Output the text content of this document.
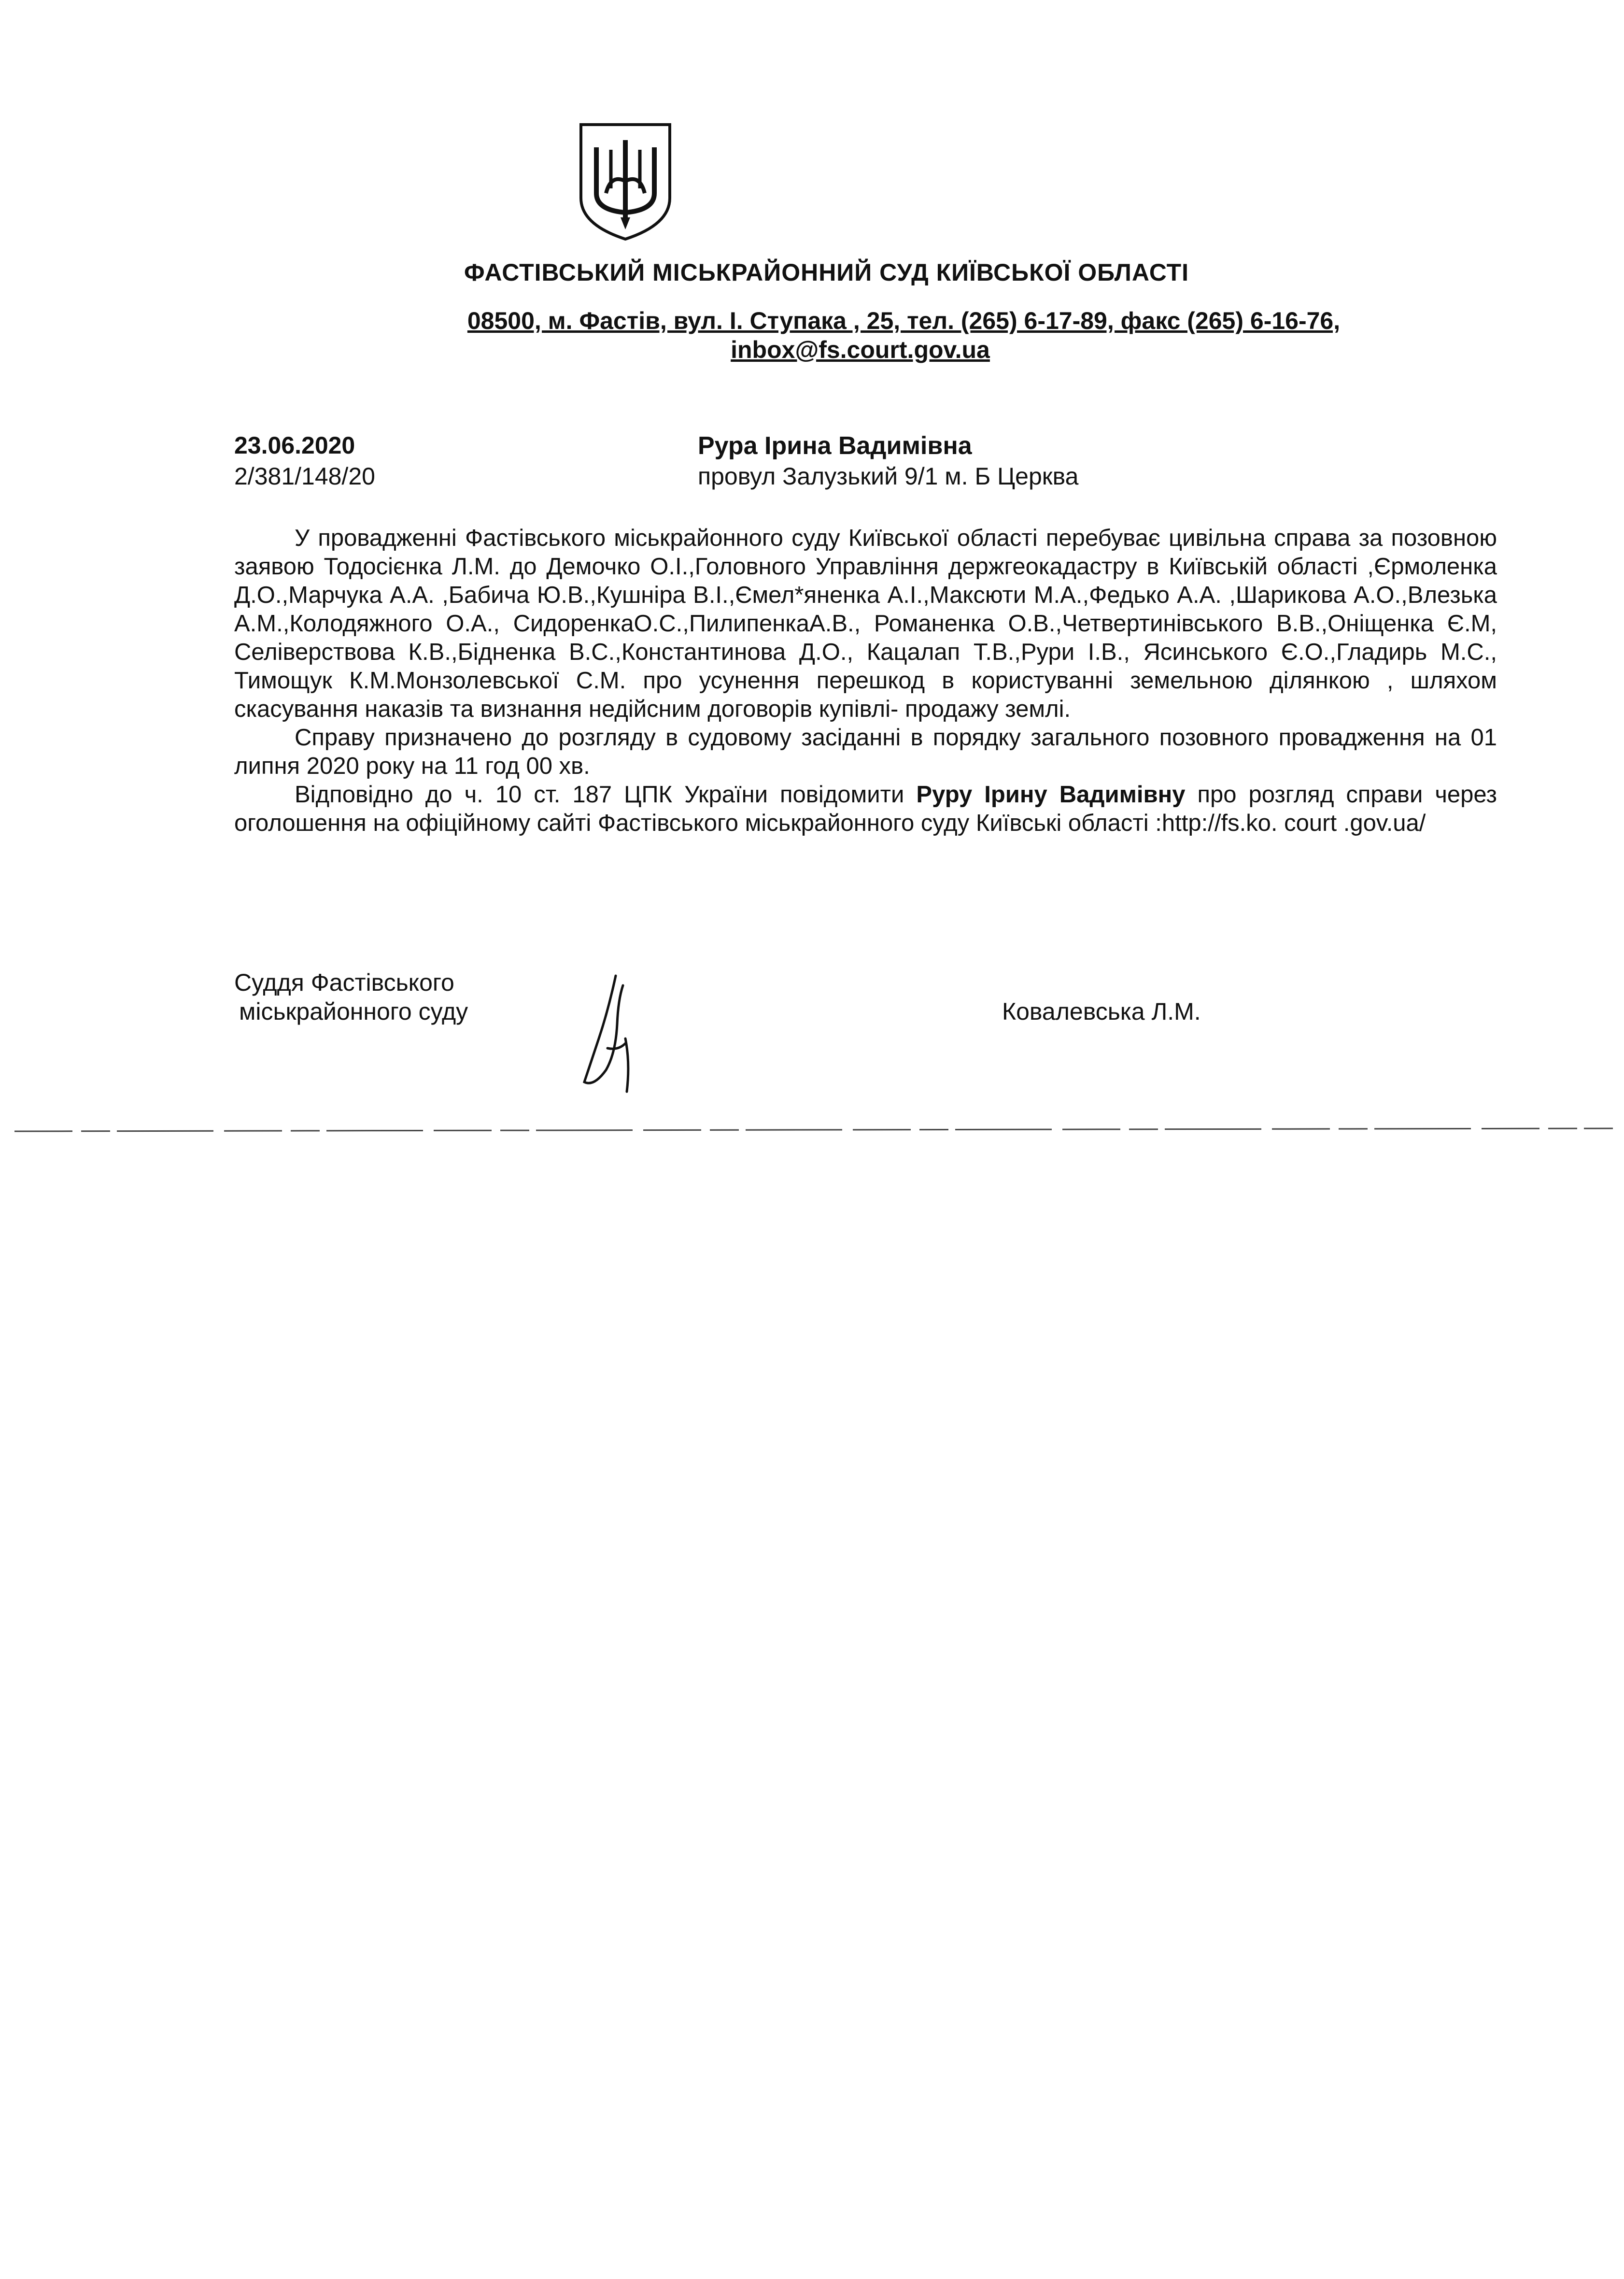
ФАСТІВСЬКИЙ МІСЬКРАЙОННИЙ СУД КИЇВСЬКОЇ ОБЛАСТІ
08500, м. Фастів, вул. І. Ступака , 25, тел. (265) 6-17-89, факс (265) 6-16-76,
inbox@fs.court.gov.ua
23.06.2020
2/381/148/20
Рура Ірина Вадимівна
провул Залузький 9/1 м. Б Церква

У провадженні Фастівського міськрайонного суду Київської області перебуває цивільна справа за позовною заявою Тодосієнка Л.М. до Демочко О.І.,Головного Управління держгеокадастру в Київській області ,Єрмоленка Д.О.,Марчука А.А. ,Бабича Ю.В.,Кушніра В.І.,Ємел*яненка А.І.,Максюти М.А.,Федько А.А. ,Шарикова А.О.,Влезька А.М.,Колодяжного О.А., СидоренкаО.С.,ПилипенкаА.В., Романенка О.В.,Четвертинівського В.В.,Оніщенка Є.М, Селіверствова К.В.,Бідненка В.С.,Константинова Д.О., Кацалап Т.В.,Рури І.В., Ясинського Є.О.,Гладирь М.С., Тимощук К.М.Монзолевської С.М. про усунення перешкод в користуванні земельною ділянкою , шляхом скасування наказів та визнання недійсним договорів купівлі- продажу землі.

Справу призначено до розгляду в судовому засіданні в порядку загального позовного провадження на 01 липня 2020 року на 11 год 00 хв.

Відповідно до ч. 10 ст. 187 ЦПК України повідомити Руру Ірину Вадимівну про розгляд справи через оголошення на офіційному сайті Фастівського міськрайонного суду Київські області :http://fs.ko. court .gov.ua/

Суддя Фастівського
міськрайонного суду	Ковалевська Л.М.
